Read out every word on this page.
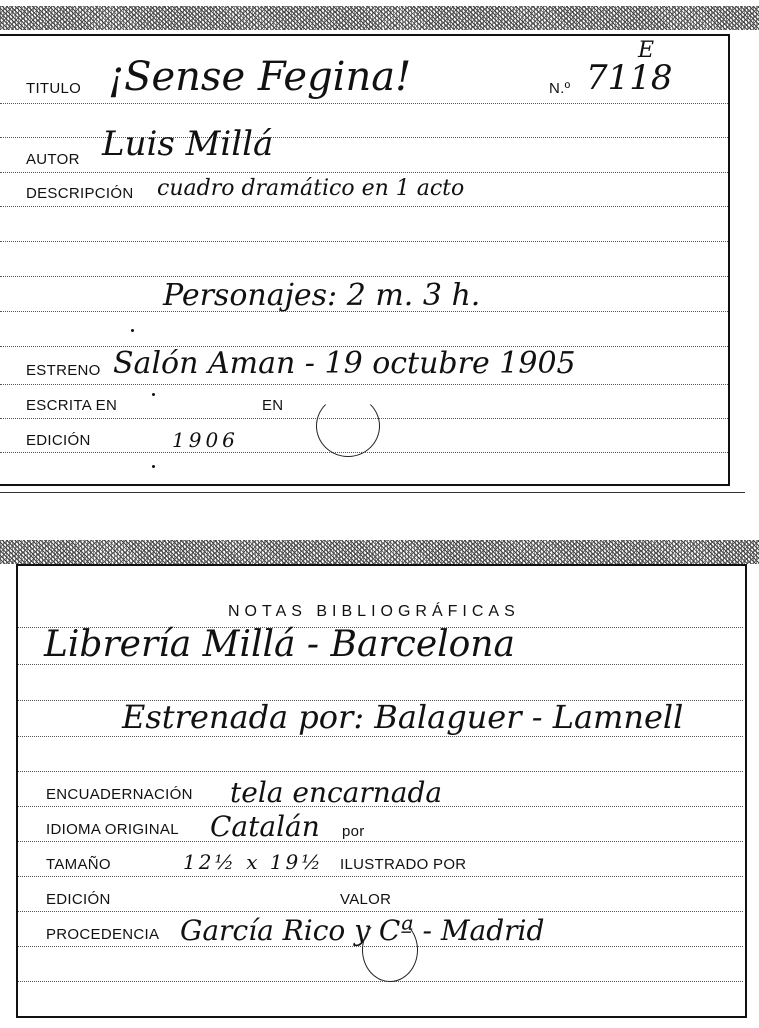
TITULO ¡Sense Fegina!	N.º 7118
E
AUTOR Luis Millá
DESCRIPCIÓN cuadro dramático en 1 acto
Personajes: 2 m. 3 h.
ESTRENO Salón Aman - 19 octubre 1905
ESCRITA EN	EN
EDICIÓN	1906
NOTAS BIBLIOGRÁFICAS
Librería Millá - Barcelona
Estrenada por: Balaguer - Lamnell
ENCUADERNACIÓN tela encarnada
IDIOMA ORIGINAL Catalán por
TAMAÑO	12½ x 19½ ILUSTRADO POR
EDICIÓN	VALOR
PROCEDENCIA García Rico y Cª - Madrid
